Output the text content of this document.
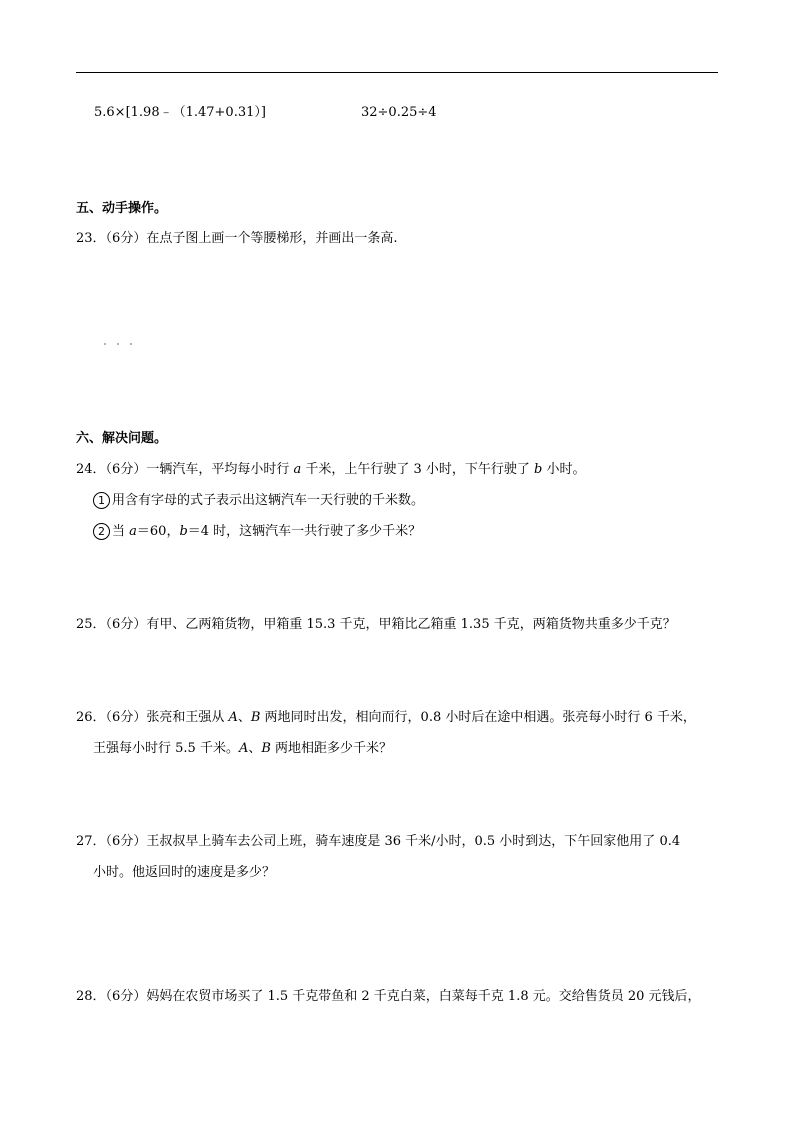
5.6×[1.98﹣（1.47+0.31）]	32÷0.25÷4
五、动手操作。
23．（6分）在点子图上画一个等腰梯形，并画出一条高.
六、解决问题。
24．（6分）一辆汽车，平均每小时行 a 千米，上午行驶了 3 小时，下午行驶了 b 小时。
1 用含有字母的式子表示出这辆汽车一天行驶的千米数。
2 当 a＝60，b＝4 时，这辆汽车一共行驶了多少千米？
25．（6分）有甲、乙两箱货物，甲箱重 15.3 千克，甲箱比乙箱重 1.35 千克，两箱货物共重多少千克？
26．（6分）张亮和王强从 A、B 两地同时出发，相向而行，0.8 小时后在途中相遇。张亮每小时行 6 千米，
王强每小时行 5.5 千米。A、B 两地相距多少千米？
27．（6分）王叔叔早上骑车去公司上班，骑车速度是 36 千米/小时，0.5 小时到达，下午回家他用了 0.4
小时。他返回时的速度是多少？
28．（6分）妈妈在农贸市场买了 1.5 千克带鱼和 2 千克白菜，白菜每千克 1.8 元。交给售货员 20 元钱后，
